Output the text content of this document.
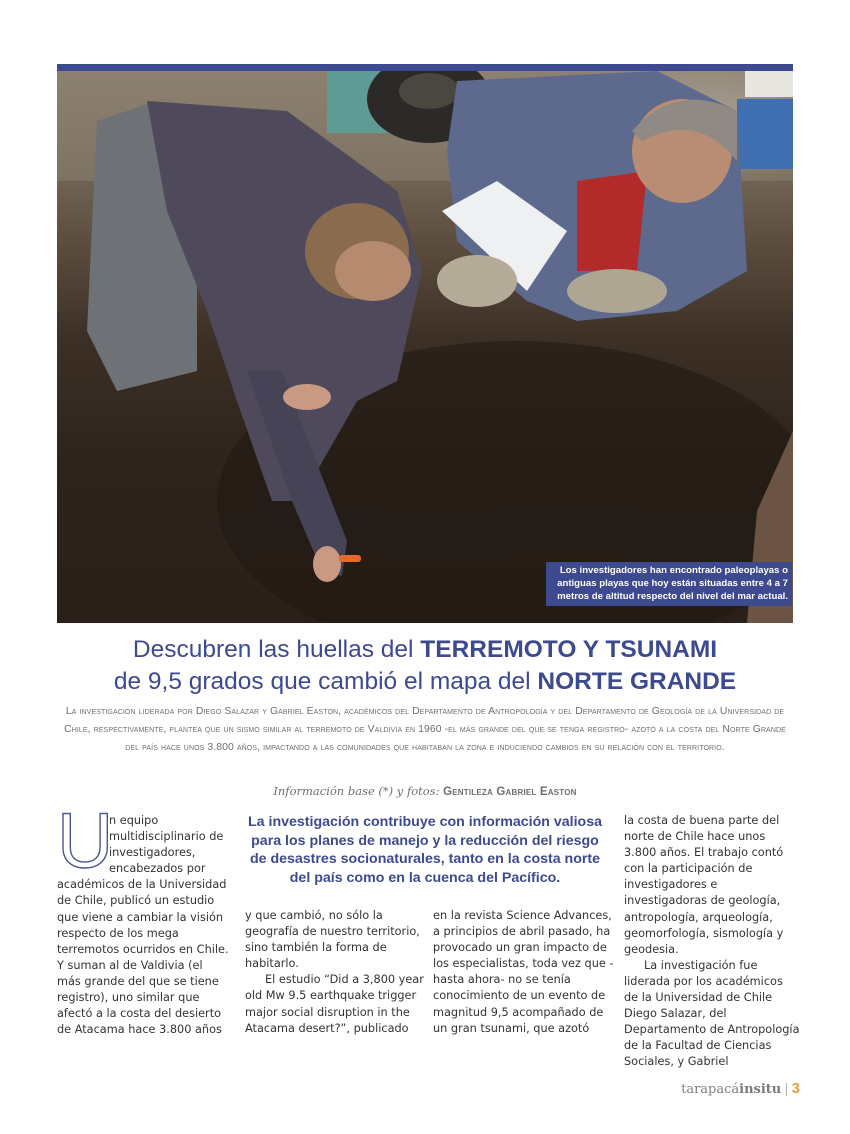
Los investigadores han encontrado paleoplayas o antiguas playas que hoy están situadas entre 4 a 7 metros de altitud respecto del nivel del mar actual.
Descubren las huellas del TERREMOTO Y TSUNAMI
de 9,5 grados que cambió el mapa del NORTE GRANDE
La investigación liderada por Diego Salazar y Gabriel Easton, académicos del Departamento de Antropología y del Departamento de Geología de la Universidad de Chile, respectivamente, plantea que un sismo similar al terremoto de Valdivia en 1960 -el más grande del que se tenga registro- azotó a la costa del Norte Grande del país hace unos 3.800 años, impactando a las comunidades que habitaban la zona e induciendo cambios en su relación con el territorio.
Información base (*) y fotos: Gentileza Gabriel Easton
U

n equipo multidisciplinario de investigadores, encabezados por académicos de la Universidad de Chile, publicó un estudio que viene a cambiar la visión respecto de los mega terremotos ocurridos en Chile. Y suman al de Valdivia (el más grande del que se tiene registro), uno similar que afectó a la costa del desierto de Atacama hace 3.800 años

La investigación contribuye con información valiosa para los planes de manejo y la reducción del riesgo de desastres socionaturales, tanto en la costa norte del país como en la cuenca del Pacífico.

y que cambió, no sólo la geografía de nuestro territorio, sino también la forma de habitarlo.

El estudio “Did a 3,800 year old Mw 9.5 earthquake trigger major social disruption in the Atacama desert?”, publicado

en la revista Science Advances, a principios de abril pasado, ha provocado un gran impacto de los especialistas, toda vez que -hasta ahora- no se tenía conocimiento de un evento de magnitud 9,5 acompañado de un gran tsunami, que azotó

la costa de buena parte del norte de Chile hace unos 3.800 años. El trabajo contó con la participación de investigadores e investigadoras de geología, antropología, arqueología, geomorfología, sismología y geodesia.

La investigación fue liderada por los académicos de la Universidad de Chile Diego Salazar, del Departamento de Antropología de la Facultad de Ciencias Sociales, y Gabriel

tarapacáinsitu | 3
